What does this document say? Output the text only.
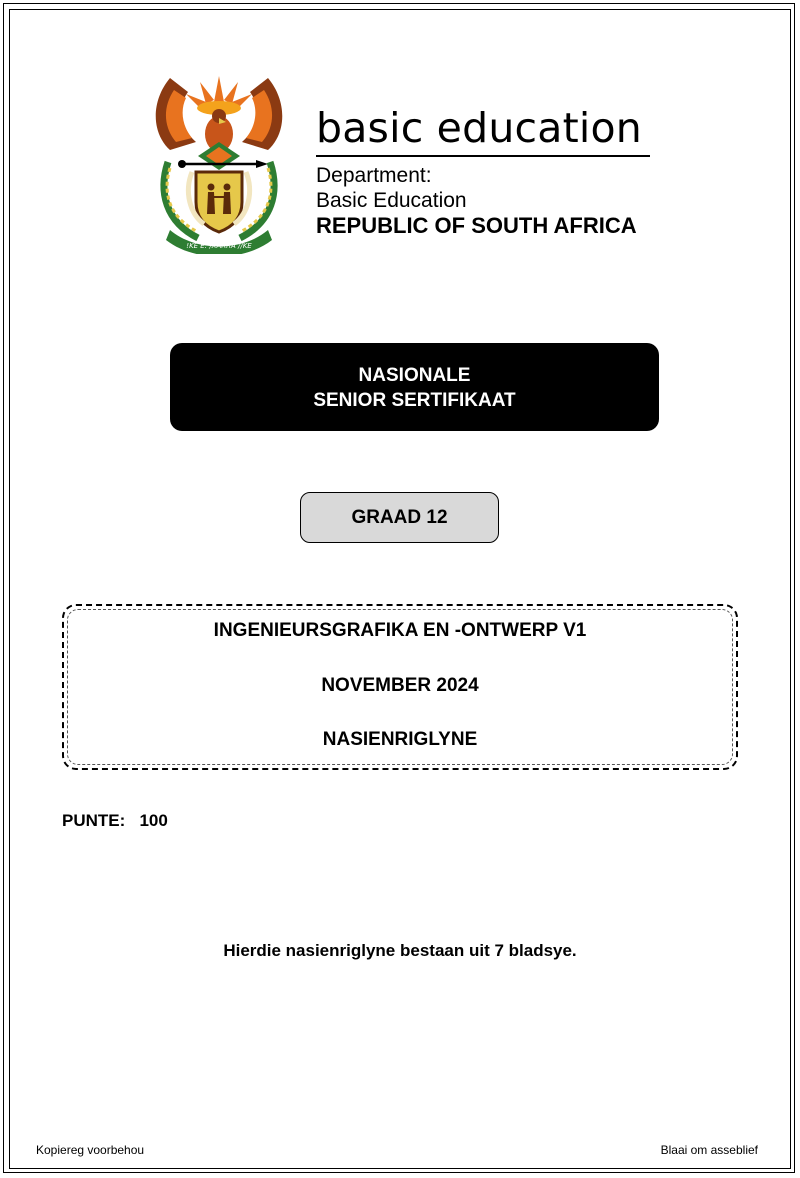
!KE E: /XARRA //KE
basic education
Department:
Basic Education
REPUBLIC OF SOUTH AFRICA
NASIONALE
SENIOR SERTIFIKAAT
GRAAD 12
INGENIEURSGRAFIKA EN -ONTWERP V1
NOVEMBER 2024
NASIENRIGLYNE
PUNTE: 100
Hierdie nasienriglyne bestaan uit 7 bladsye.
Kopiereg voorbehou	Blaai om asseblief
